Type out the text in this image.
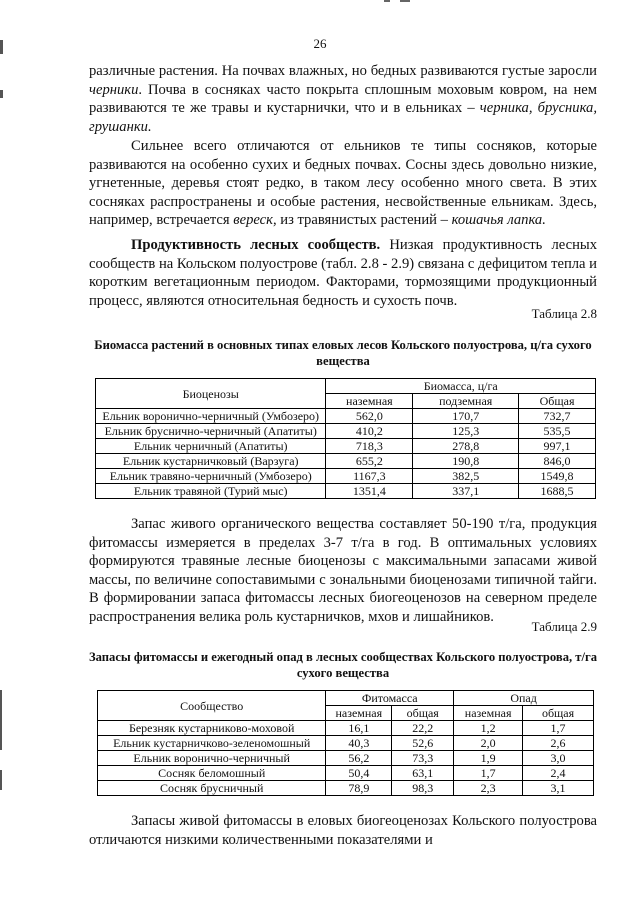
26

различные растения. На почвах влажных, но бедных развиваются густые заросли черники. Почва в сосняках часто покрыта сплошным моховым ковром, на нем развиваются те же травы и кустарнички, что и в ельниках – черника, брусника, грушанки.

Сильнее всего отличаются от ельников те типы сосняков, которые развиваются на особенно сухих и бедных почвах. Сосны здесь довольно низкие, угнетенные, деревья стоят редко, в таком лесу особенно много света. В этих сосняках распространены и особые растения, несвойственные ельникам. Здесь, например, встречается вереск, из травянистых растений – кошачья лапка.

Продуктивность лесных сообществ. Низкая продуктивность лесных сообществ на Кольском полуострове (табл. 2.8 - 2.9) связана с дефицитом тепла и коротким вегетационным периодом. Факторами, тормозящими продукционный процесс, являются относительная бедность и сухость почв.

Таблица 2.8
Биомасса растений в основных типах еловых лесов Кольского полуострова, ц/га сухого вещества
Биоценозы	Биомасса, ц/га		
	наземная	подземная	Общая
Ельник воронично-черничный (Умбозеро)	562,0	170,7	732,7
Ельник бруснично-черничный (Апатиты)	410,2	125,3	535,5
Ельник черничный (Апатиты)	718,3	278,8	997,1
Ельник кустарничковый (Варзуга)	655,2	190,8	846,0
Ельник травяно-черничный (Умбозеро)	1167,3	382,5	1549,8
Ельник травяной (Турий мыс)	1351,4	337,1	1688,5
Запас живого органического вещества составляет 50-190 т/га, продукция фитомассы измеряется в пределах 3-7 т/га в год. В оптимальных условиях формируются травяные лесные биоценозы с максимальными запасами живой массы, по величине сопоставимыми с зональными биоценозами типичной тайги. В формировании запаса фитомассы лесных биогеоценозов на северном пределе распространения велика роль кустарничков, мхов и лишайников.
Таблица 2.9
Запасы фитомассы и ежегодный опад в лесных сообществах Кольского полуострова, т/га сухого вещества
Сообщество	Фитомасса		Опад	
	наземная	общая	наземная	общая
Березняк кустарниково-моховой	16,1	22,2	1,2	1,7
Ельник кустарничково-зеленомошный	40,3	52,6	2,0	2,6
Ельник воронично-черничный	56,2	73,3	1,9	3,0
Сосняк беломошный	50,4	63,1	1,7	2,4
Сосняк брусничный	78,9	98,3	2,3	3,1
Запасы живой фитомассы в еловых биогеоценозах Кольского полуострова отличаются низкими количественными показателями и
